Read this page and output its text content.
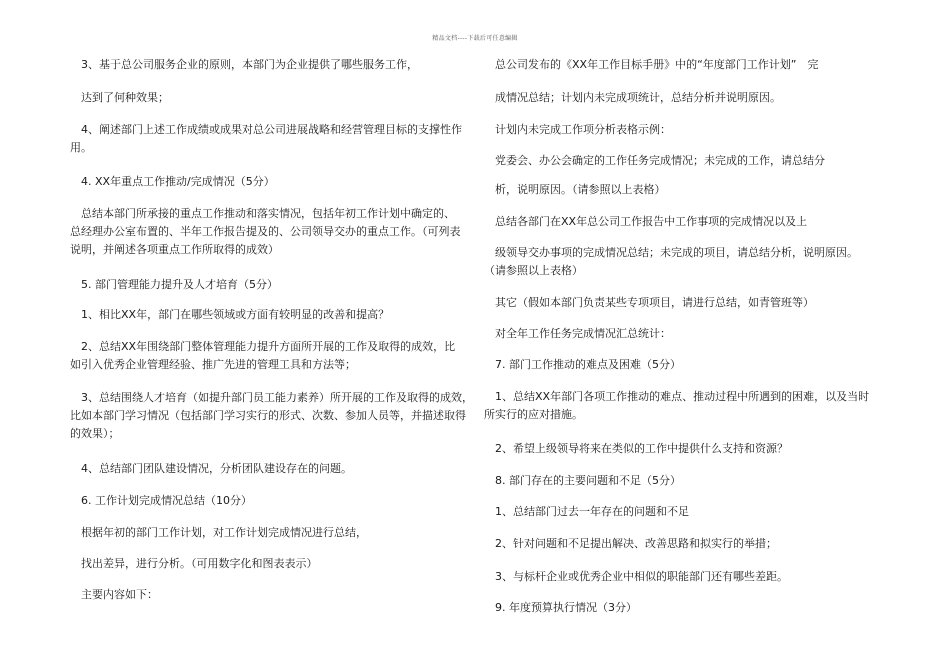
精品文档----下载后可任意编辑

　3、基于总公司服务企业的原则，本部门为企业提供了哪些服务工作，

　达到了何种效果；

　4、阐述部门上述工作成绩或成果对总公司进展战略和经营管理目标的支撑性作
用。

　4. XX年重点工作推动/完成情况（5分）

　总结本部门所承接的重点工作推动和落实情况，包括年初工作计划中确定的、
总经理办公室布置的、半年工作报告提及的、公司领导交办的重点工作。（可列表
说明，并阐述各项重点工作所取得的成效）

　5. 部门管理能力提升及人才培育（5分）

　1、相比XX年，部门在哪些领域或方面有较明显的改善和提高？

　2、总结XX年围绕部门整体管理能力提升方面所开展的工作及取得的成效，比
如引入优秀企业管理经验、推广先进的管理工具和方法等；

　3、总结围绕人才培育（如提升部门员工能力素养）所开展的工作及取得的成效，
比如本部门学习情况（包括部门学习实行的形式、次数、参加人员等，并描述取得
的效果）；

　4、总结部门团队建设情况，分析团队建设存在的问题。

　6. 工作计划完成情况总结（10分）

　根据年初的部门工作计划，对工作计划完成情况进行总结，

　找出差异，进行分析。（可用数字化和图表表示）

　主要内容如下：

　总公司发布的《XX年工作目标手册》中的“年度部门工作计划”　完

　成情况总结；计划内未完成项统计，总结分析并说明原因。

　计划内未完成工作项分析表格示例：

　党委会、办公会确定的工作任务完成情况；未完成的工作，请总结分

　析，说明原因。（请参照以上表格）

　总结各部门在XX年总公司工作报告中工作事项的完成情况以及上

　级领导交办事项的完成情况总结；未完成的项目，请总结分析，说明原因。
（请参照以上表格）

　其它（假如本部门负责某些专项项目，请进行总结，如青管班等）

　对全年工作任务完成情况汇总统计：

　7. 部门工作推动的难点及困难（5分）

　1、总结XX年部门各项工作推动的难点、推动过程中所遇到的困难，以及当时
所实行的应对措施。

　2、希望上级领导将来在类似的工作中提供什么支持和资源？

　8. 部门存在的主要问题和不足（5分）

　1、总结部门过去一年存在的问题和不足

　2、针对问题和不足提出解决、改善思路和拟实行的举措；

　3、与标杆企业或优秀企业中相似的职能部门还有哪些差距。

　9. 年度预算执行情况（3分）
